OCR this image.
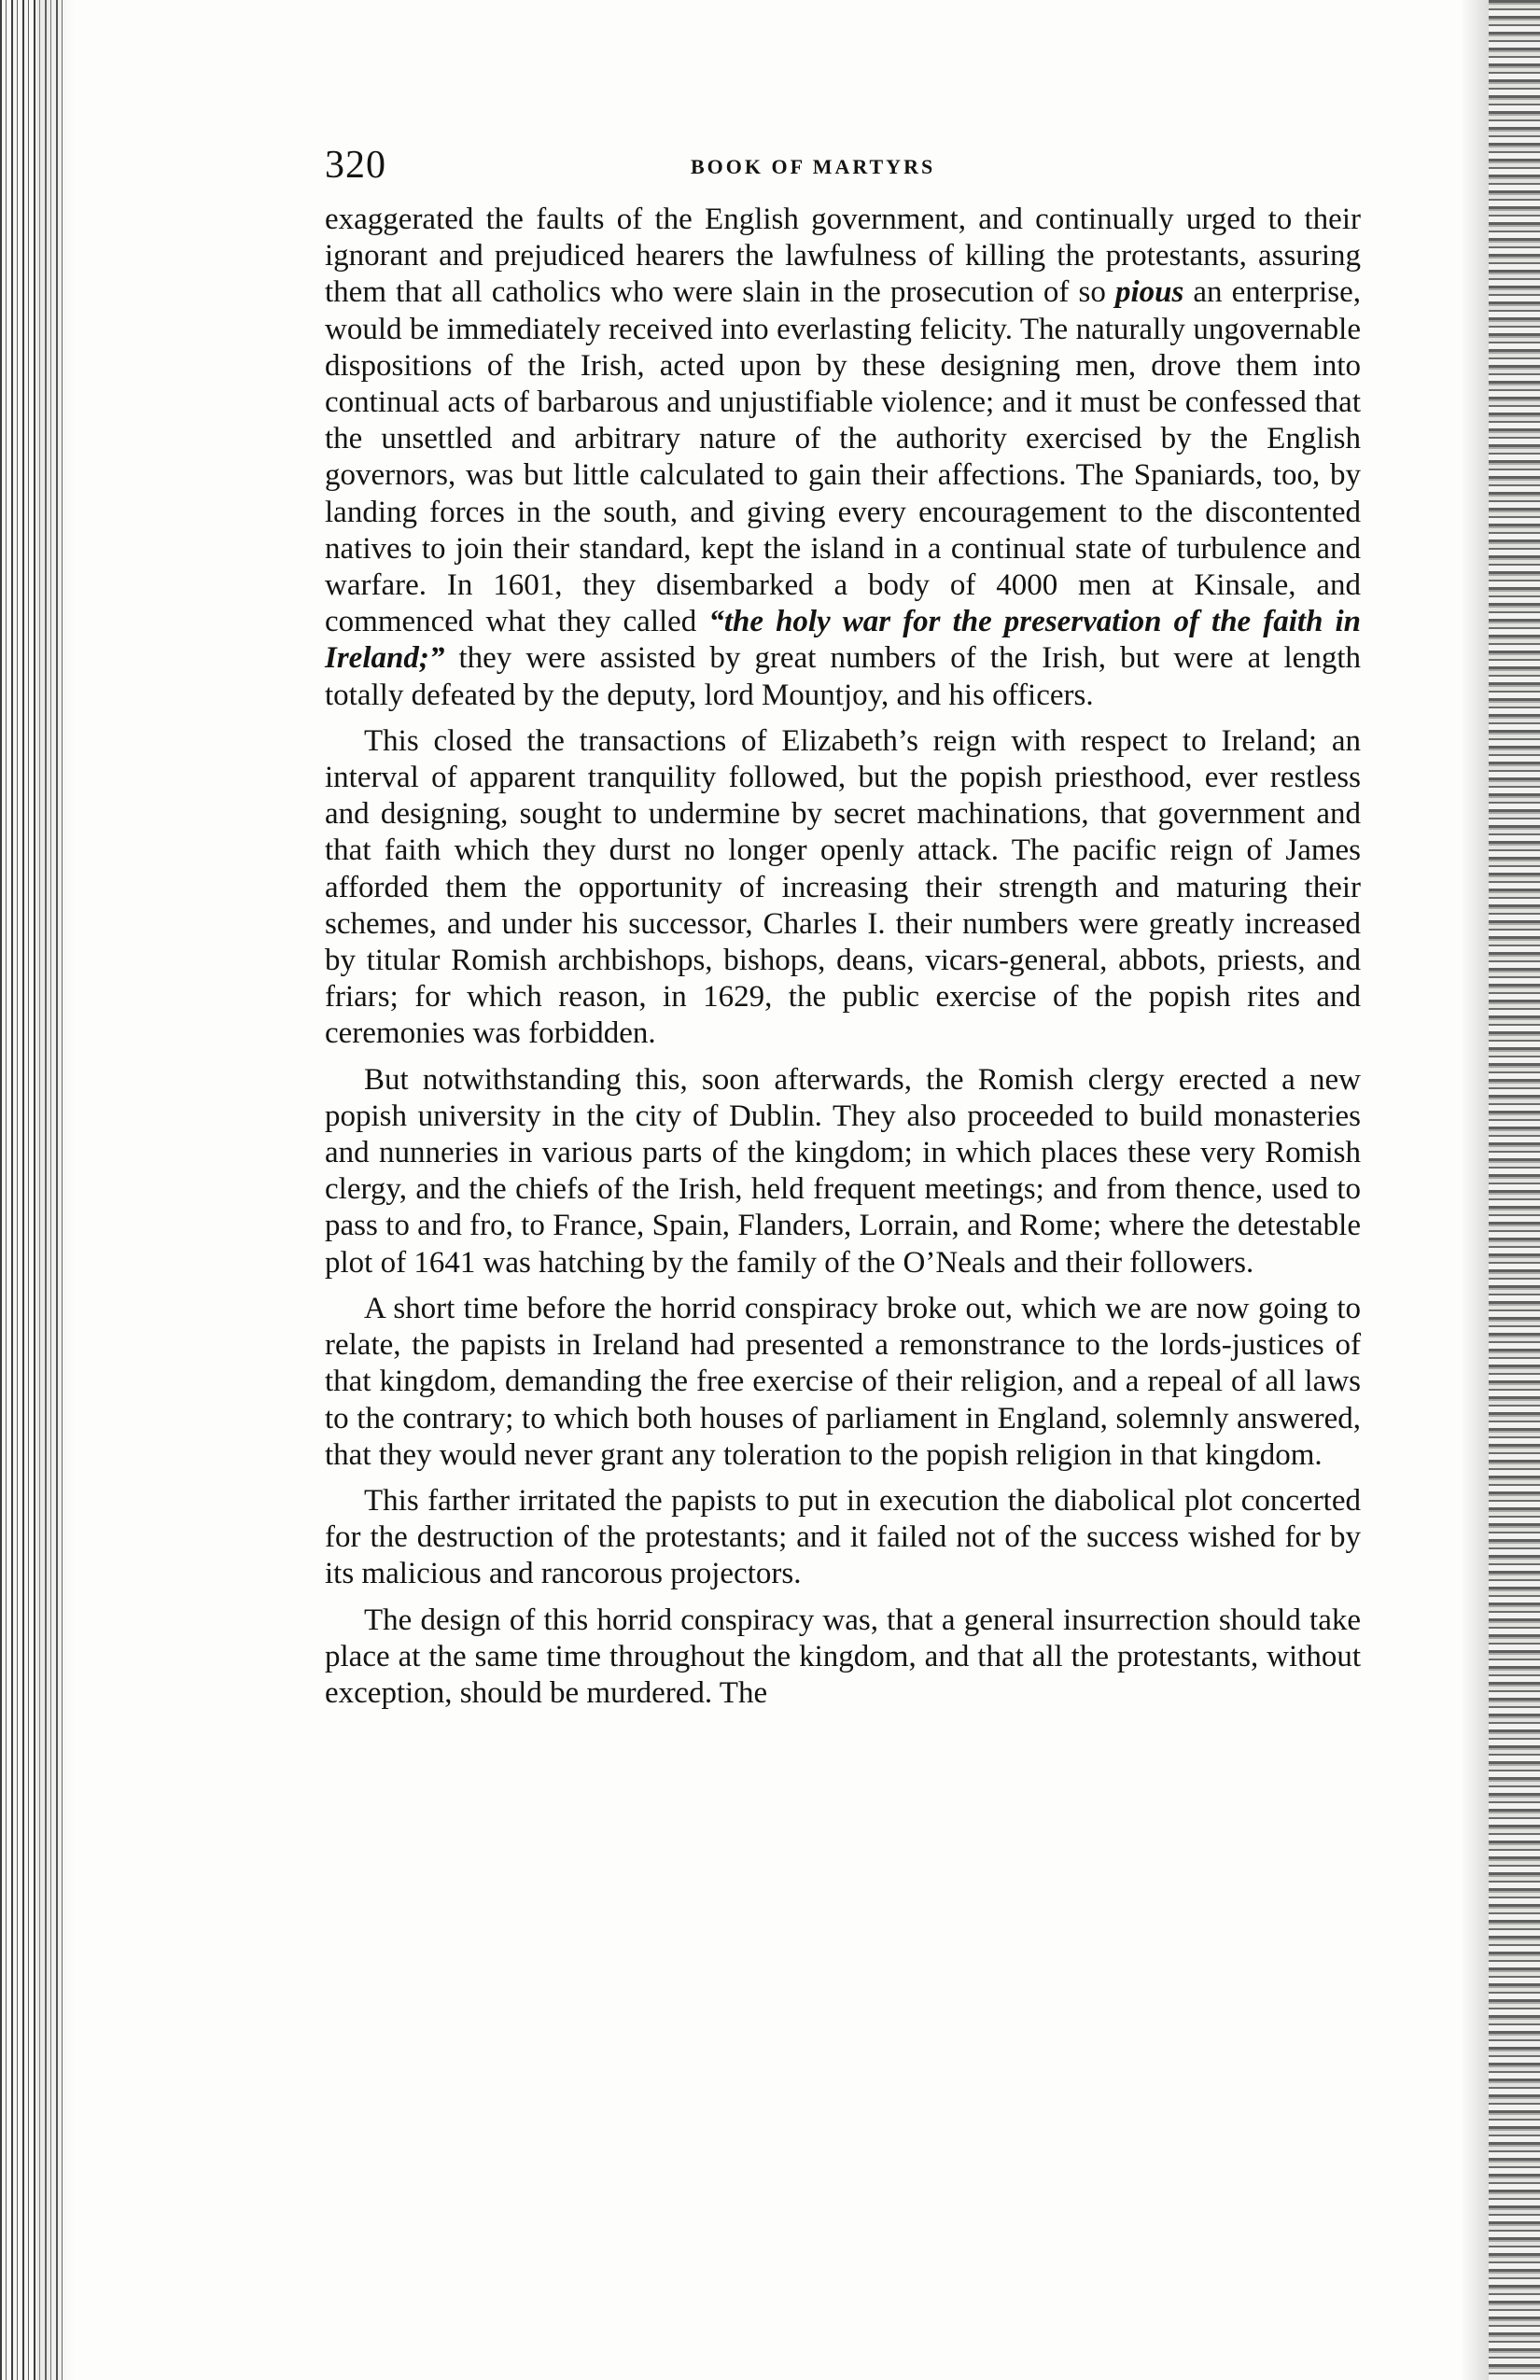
320	BOOK OF MARTYRS

exaggerated the faults of the English government, and continually urged to their ignorant and prejudiced hearers the lawfulness of killing the protestants, assuring them that all catholics who were slain in the prosecution of so pious an enterprise, would be immediately received into everlasting felicity. The naturally ungovernable dispositions of the Irish, acted upon by these designing men, drove them into continual acts of barbarous and unjustifiable violence; and it must be confessed that the unsettled and arbitrary nature of the authority exercised by the English governors, was but little calculated to gain their affections. The Spaniards, too, by landing forces in the south, and giving every encouragement to the discontented natives to join their standard, kept the island in a continual state of turbulence and warfare. In 1601, they disembarked a body of 4000 men at Kinsale, and commenced what they called “the holy war for the preservation of the faith in Ireland;” they were assisted by great numbers of the Irish, but were at length totally defeated by the deputy, lord Mountjoy, and his officers.

This closed the transactions of Elizabeth’s reign with respect to Ireland; an interval of apparent tranquility followed, but the popish priesthood, ever restless and designing, sought to undermine by secret machinations, that government and that faith which they durst no longer openly attack. The pacific reign of James afforded them the opportunity of increasing their strength and maturing their schemes, and under his successor, Charles I. their numbers were greatly increased by titular Romish archbishops, bishops, deans, vicars-general, abbots, priests, and friars; for which reason, in 1629, the public exercise of the popish rites and ceremonies was forbidden.

But notwithstanding this, soon afterwards, the Romish clergy erected a new popish university in the city of Dublin. They also proceeded to build monasteries and nunneries in various parts of the kingdom; in which places these very Romish clergy, and the chiefs of the Irish, held frequent meetings; and from thence, used to pass to and fro, to France, Spain, Flanders, Lorrain, and Rome; where the detestable plot of 1641 was hatching by the family of the O’Neals and their followers.

A short time before the horrid conspiracy broke out, which we are now going to relate, the papists in Ireland had presented a remonstrance to the lords-justices of that kingdom, demanding the free exercise of their religion, and a repeal of all laws to the contrary; to which both houses of parliament in England, solemnly answered, that they would never grant any toleration to the popish religion in that kingdom.

This farther irritated the papists to put in execution the diabolical plot concerted for the destruction of the protestants; and it failed not of the success wished for by its malicious and rancorous projectors.

The design of this horrid conspiracy was, that a general insurrection should take place at the same time throughout the kingdom, and that all the protestants, without exception, should be murdered. The
